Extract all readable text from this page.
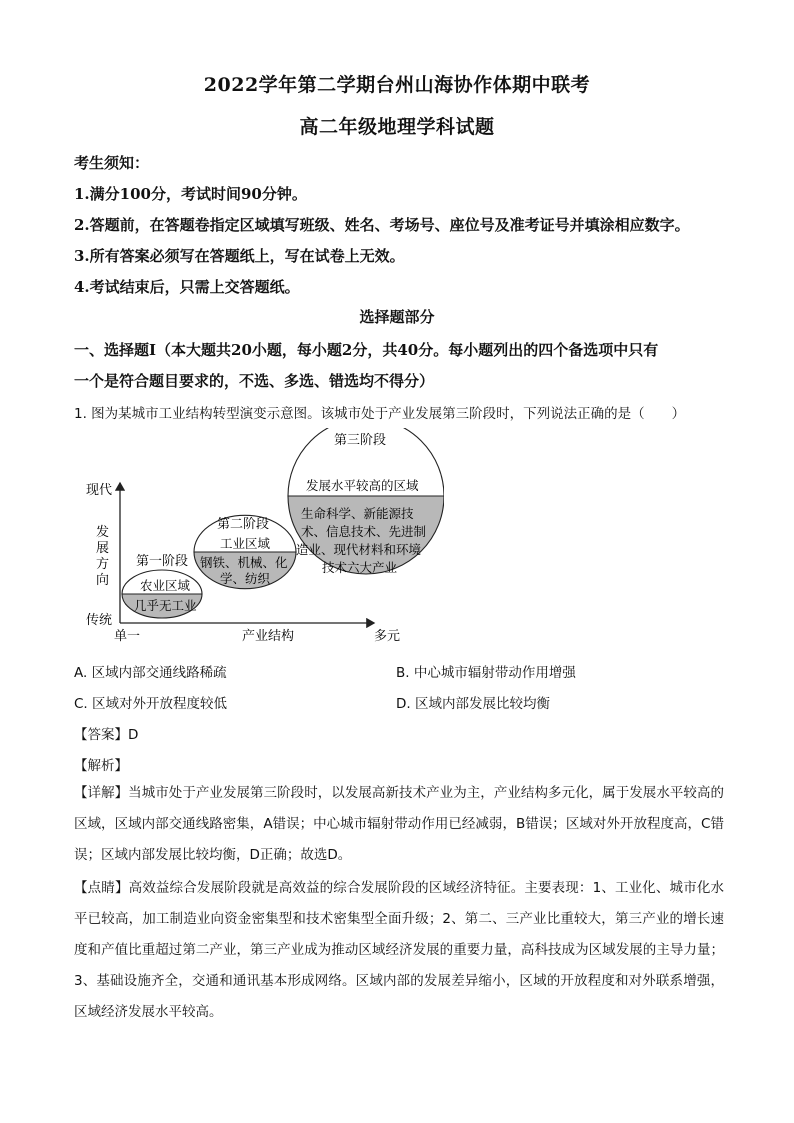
2022学年第二学期台州山海协作体期中联考
高二年级地理学科试题
考生须知：
1.满分100分，考试时间90分钟。
2.答题前，在答题卷指定区域填写班级、姓名、考场号、座位号及准考证号并填涂相应数字。
3.所有答案必须写在答题纸上，写在试卷上无效。
4.考试结束后，只需上交答题纸。
选择题部分
一、选择题Ⅰ（本大题共20小题，每小题2分，共40分。每小题列出的四个备选项中只有
一个是符合题目要求的，不选、多选、错选均不得分）
1. 图为某城市工业结构转型演变示意图。该城市处于产业发展第三阶段时，下列说法正确的是（　　）
现代
发
展
方
向
传统
单一	产业结构	多元
第一阶段
农业区域
几乎无工业
第二阶段
工业区域
钢铁、机械、化
学、纺织
第三阶段
发展水平较高的区域
生命科学、新能源技
术、信息技术、先进制
造业、现代材料和环境
技术六大产业
A. 区域内部交通线路稀疏	B. 中心城市辐射带动作用增强
C. 区域对外开放程度较低	D. 区域内部发展比较均衡
【答案】D
【解析】
【详解】当城市处于产业发展第三阶段时，以发展高新技术产业为主，产业结构多元化，属于发展水平较高的区域，区域内部交通线路密集，A错误；中心城市辐射带动作用已经减弱，B错误；区域对外开放程度高，C错误；区域内部发展比较均衡，D正确；故选D。
【点睛】高效益综合发展阶段就是高效益的综合发展阶段的区域经济特征。主要表现：1、工业化、城市化水平已较高，加工制造业向资金密集型和技术密集型全面升级；2、第二、三产业比重较大，第三产业的增长速度和产值比重超过第二产业，第三产业成为推动区域经济发展的重要力量，高科技成为区域发展的主导力量；3、基础设施齐全，交通和通讯基本形成网络。区域内部的发展差异缩小，区域的开放程度和对外联系增强，区域经济发展水平较高。
